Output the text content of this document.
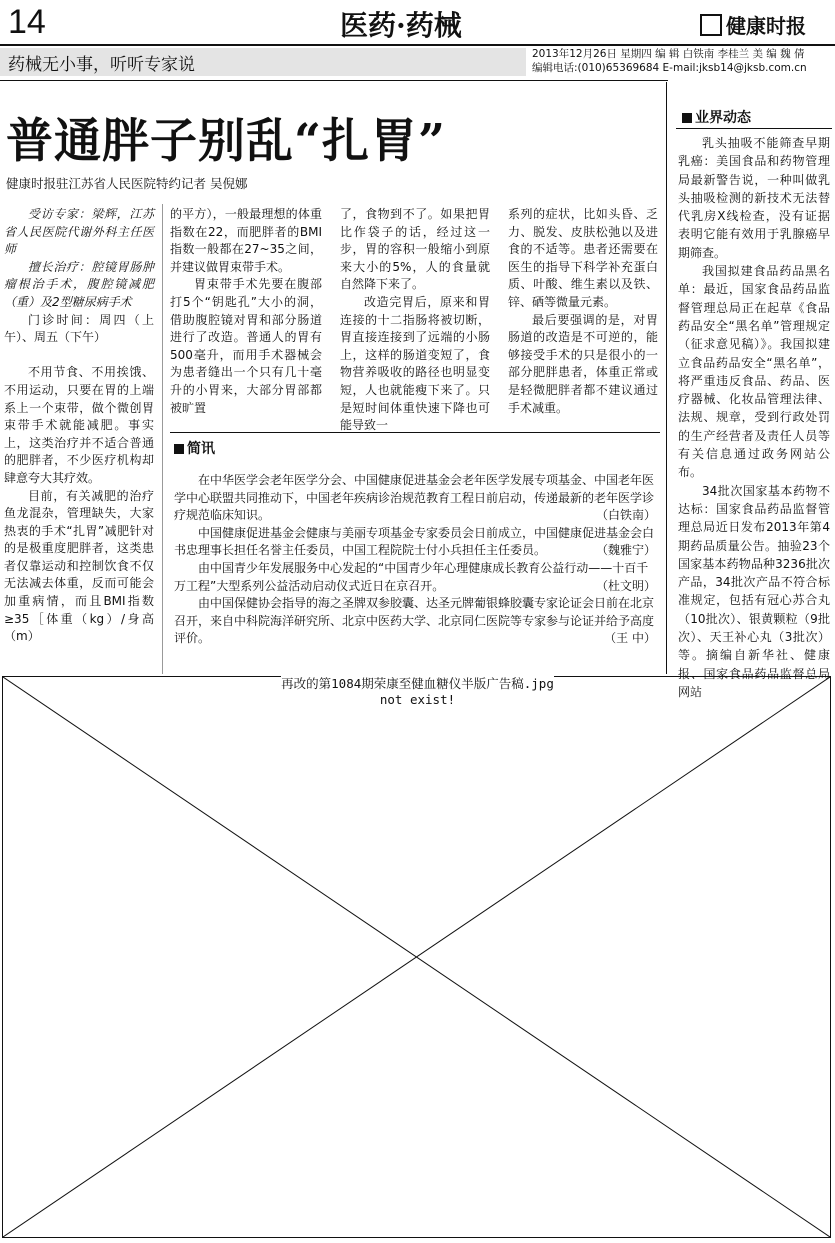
14	医药·药械	健康时报
药械无小事，听听专家说
2013年12月26日 星期四 编 辑 白铁南 李桂兰 美 编 魏 倩
编辑电话:(010)65369684 E-mail:jksb14@jksb.com.cn
普通胖子别乱“扎胃”
健康时报驻江苏省人民医院特约记者 吴倪娜

受访专家：梁辉，江苏省人民医院代谢外科主任医师

擅长治疗：腔镜胃肠肿瘤根治手术，腹腔镜减肥（重）及2型糖尿病手术

门诊时间：周四（上午）、周五（下午）

不用节食、不用挨饿、不用运动，只要在胃的上端系上一个束带，做个微创胃束带手术就能减肥。事实上，这类治疗并不适合普通的肥胖者，不少医疗机构却肆意夸大其疗效。

目前，有关减肥的治疗鱼龙混杂，管理缺失，大家热衷的手术“扎胃”减肥针对的是极重度肥胖者，这类患者仅靠运动和控制饮食不仅无法减去体重，反而可能会加重病情，而且BMI指数≥35［体重（kg）/身高（m）

的平方），一般最理想的体重指数在22，而肥胖者的BMI指数一般都在27~35之间，并建议做胃束带手术。

胃束带手术先要在腹部打5个“钥匙孔”大小的洞，借助腹腔镜对胃和部分肠道进行了改造。普通人的胃有500毫升，而用手术器械会为患者缝出一个只有几十毫升的小胃来，大部分胃部都被旷置

了，食物到不了。如果把胃比作袋子的话，经过这一步，胃的容积一般缩小到原来大小的5%，人的食量就自然降下来了。

改造完胃后，原来和胃连接的十二指肠将被切断，胃直接连接到了远端的小肠上，这样的肠道变短了，食物营养吸收的路径也明显变短，人也就能瘦下来了。只是短时间体重快速下降也可能导致一

系列的症状，比如头昏、乏力、脱发、皮肤松弛以及进食的不适等。患者还需要在医生的指导下科学补充蛋白质、叶酸、维生素以及铁、锌、硒等微量元素。

最后要强调的是，对胃肠道的改造是不可逆的，能够接受手术的只是很小的一部分肥胖患者，体重正常或是轻微肥胖者都不建议通过手术减重。

简讯

在中华医学会老年医学分会、中国健康促进基金会老年医学发展专项基金、中国老年医学中心联盟共同推动下，中国老年疾病诊治规范教育工程日前启动，传递最新的老年医学诊疗规范临床知识。	（白铁南）

中国健康促进基金会健康与美丽专项基金专家委员会日前成立，中国健康促进基金会白书忠理事长担任名誉主任委员，中国工程院院士付小兵担任主任委员。	（魏雅宁）

由中国青少年发展服务中心发起的“中国青少年心理健康成长教育公益行动——十百千万工程”大型系列公益活动启动仪式近日在京召开。	（杜文明）

由中国保健协会指导的海之圣牌双参胶囊、达圣元牌葡银蜂胶囊专家论证会日前在北京召开，来自中科院海洋研究所、北京中医药大学、北京同仁医院等专家参与论证并给予高度评价。	（王 中）

业界动态

乳头抽吸不能筛查早期乳癌：美国食品和药物管理局最新警告说，一种叫做乳头抽吸检测的新技术无法替代乳房X线检查，没有证据表明它能有效用于乳腺癌早期筛查。

我国拟建食品药品黑名单：最近，国家食品药品监督管理总局正在起草《食品药品安全“黑名单”管理规定（征求意见稿）》。我国拟建立食品药品安全“黑名单”，将严重违反食品、药品、医疗器械、化妆品管理法律、法规、规章，受到行政处罚的生产经营者及责任人员等有关信息通过政务网站公布。

34批次国家基本药物不达标：国家食品药品监督管理总局近日发布2013年第4期药品质量公告。抽验23个国家基本药物品种3236批次产品，34批次产品不符合标准规定，包括有冠心苏合丸（10批次）、银黄颗粒（9批次）、天王补心丸（3批次）等。摘编自新华社、健康报、国家食品药品监督总局网站

再改的第1084期荣康至健血糖仪半版广告稿.jpg
not exist!
